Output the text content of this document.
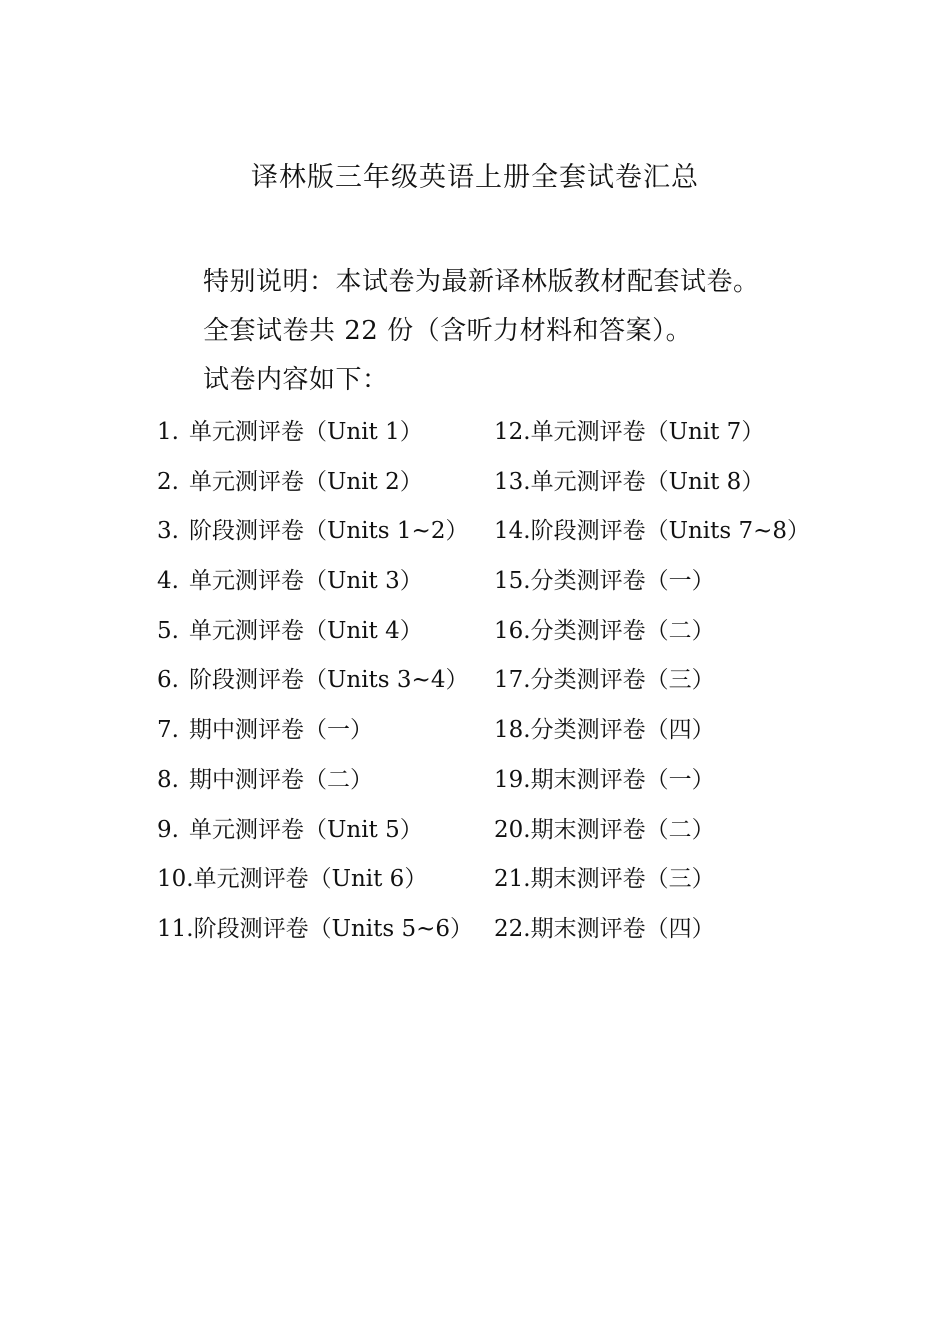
译林版三年级英语上册全套试卷汇总
特别说明：本试卷为最新译林版教材配套试卷。
全套试卷共 22 份（含听力材料和答案）。
试卷内容如下：
1. 单元测评卷（Unit 1）	12.单元测评卷（Unit 7）
2. 单元测评卷（Unit 2）	13.单元测评卷（Unit 8）
3. 阶段测评卷（Units 1~2） 14.阶段测评卷（Units 7~8）
4. 单元测评卷（Unit 3）	15.分类测评卷（一）
5. 单元测评卷（Unit 4）	16.分类测评卷（二）
6. 阶段测评卷（Units 3~4） 17.分类测评卷（三）
7. 期中测评卷（一）	18.分类测评卷（四）
8. 期中测评卷（二）	19.期末测评卷（一）
9. 单元测评卷（Unit 5）	20.期末测评卷（二）
10.单元测评卷（Unit 6）	21.期末测评卷（三）
11.阶段测评卷（Units 5~6） 22.期末测评卷（四）
